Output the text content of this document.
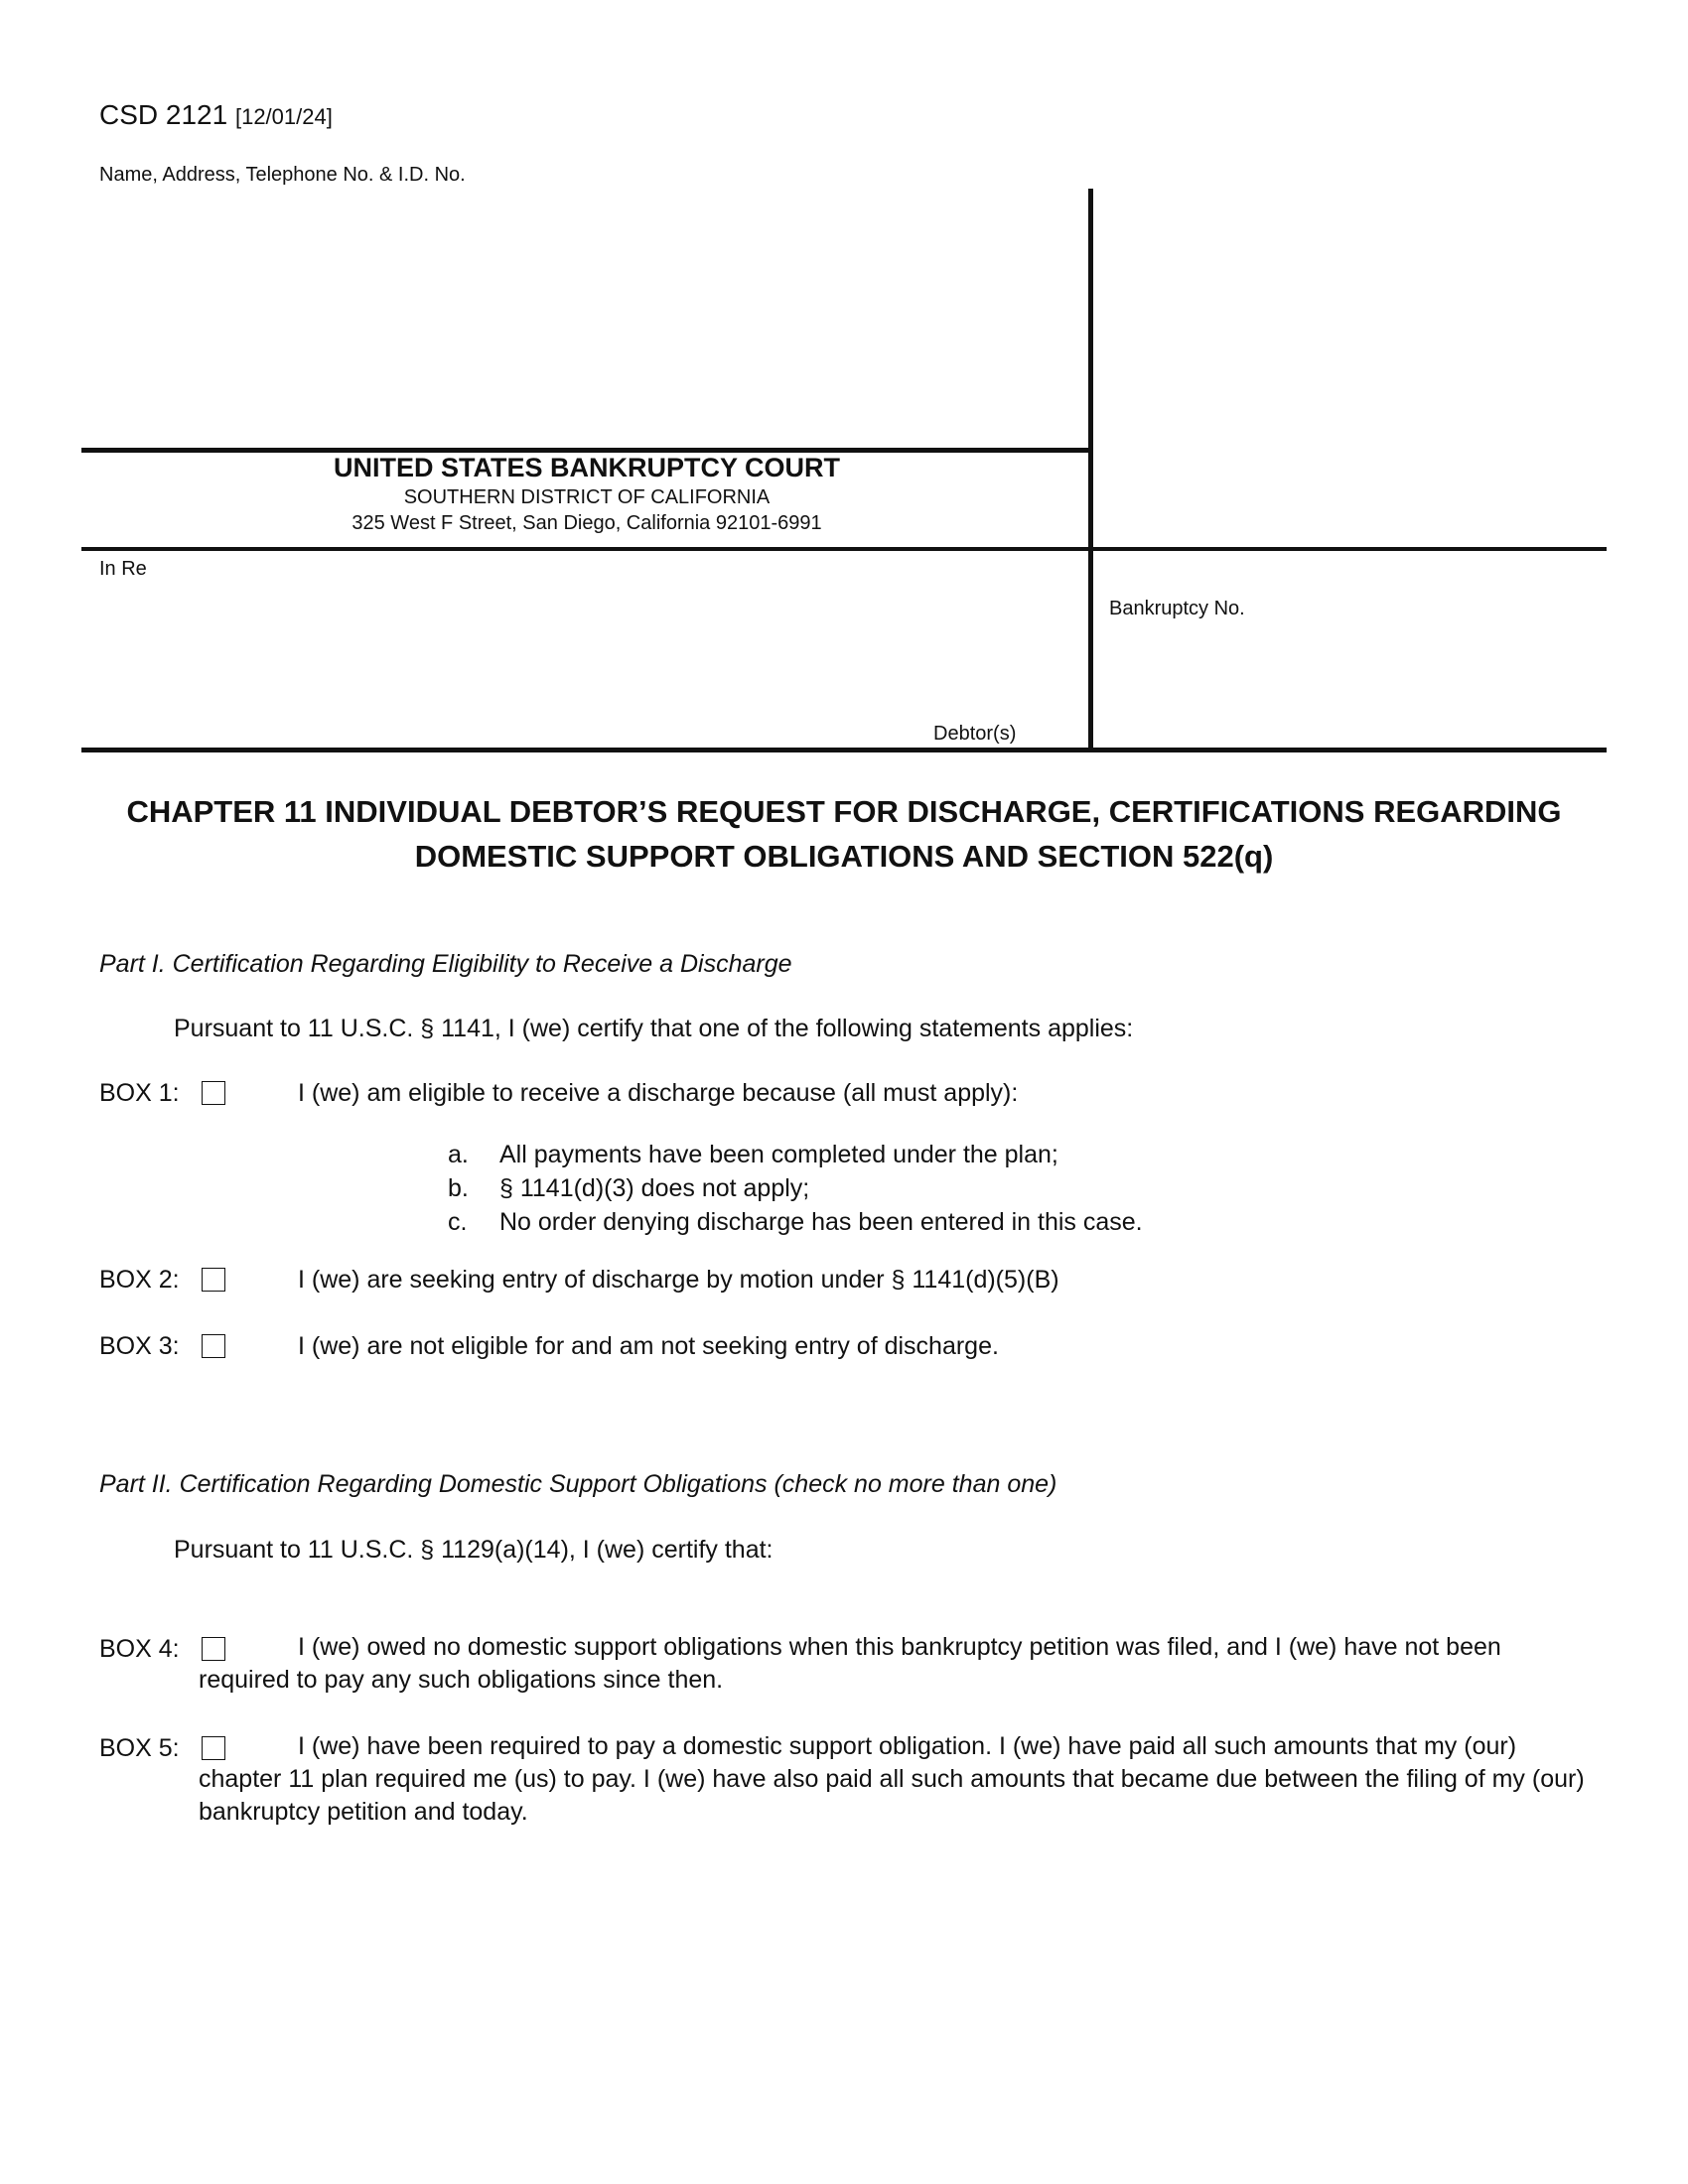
CSD 2121 [12/01/24]
Name, Address, Telephone No. & I.D. No.
UNITED STATES BANKRUPTCY COURT
SOUTHERN DISTRICT OF CALIFORNIA
325 West F Street, San Diego, California 92101-6991
In Re
Bankruptcy No.
Debtor(s)
CHAPTER 11 INDIVIDUAL DEBTOR’S REQUEST FOR DISCHARGE, CERTIFICATIONS REGARDING DOMESTIC SUPPORT OBLIGATIONS AND SECTION 522(q)
Part I. Certification Regarding Eligibility to Receive a Discharge
Pursuant to 11 U.S.C. § 1141, I (we) certify that one of the following statements applies:
BOX 1:	I (we) am eligible to receive a discharge because (all must apply):
a. All payments have been completed under the plan;
b. § 1141(d)(3) does not apply;
c. No order denying discharge has been entered in this case.
BOX 2:	I (we) are seeking entry of discharge by motion under § 1141(d)(5)(B)
BOX 3:	I (we) are not eligible for and am not seeking entry of discharge.
Part II. Certification Regarding Domestic Support Obligations (check no more than one)
Pursuant to 11 U.S.C. § 1129(a)(14), I (we) certify that:
BOX 4:	I (we) owed no domestic support obligations when this bankruptcy petition was filed, and I (we) have not been required to pay any such obligations since then.
BOX 5:	I (we) have been required to pay a domestic support obligation. I (we) have paid all such amounts that my (our) chapter 11 plan required me (us) to pay. I (we) have also paid all such amounts that became due between the filing of my (our) bankruptcy petition and today.
